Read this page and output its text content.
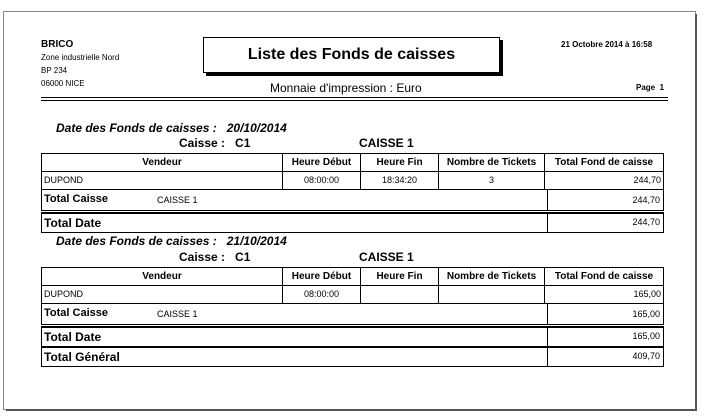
BRICO
Zone industrielle Nord
BP 234
06000 NICE
21 Octobre 2014 à 16:58
Liste des Fonds de caisses
Monnaie d'impression : Euro	Page 1
Date des Fonds de caisses : 20/10/2014
Caisse : C1	CAISSE 1
Vendeur	Heure Début	Heure Fin	Nombre de Tickets	Total Fond de caisse
DUPOND	08:00:00	18:34:20	3	244,70
Total Caisse	CAISSE 1	244,70
Total Date	244,70
Date des Fonds de caisses : 21/10/2014
Caisse : C1	CAISSE 1
Vendeur	Heure Début	Heure Fin	Nombre de Tickets	Total Fond de caisse
DUPOND	08:00:00			165,00
Total Caisse	CAISSE 1	165,00
Total Date	165,00
Total Général	409,70
